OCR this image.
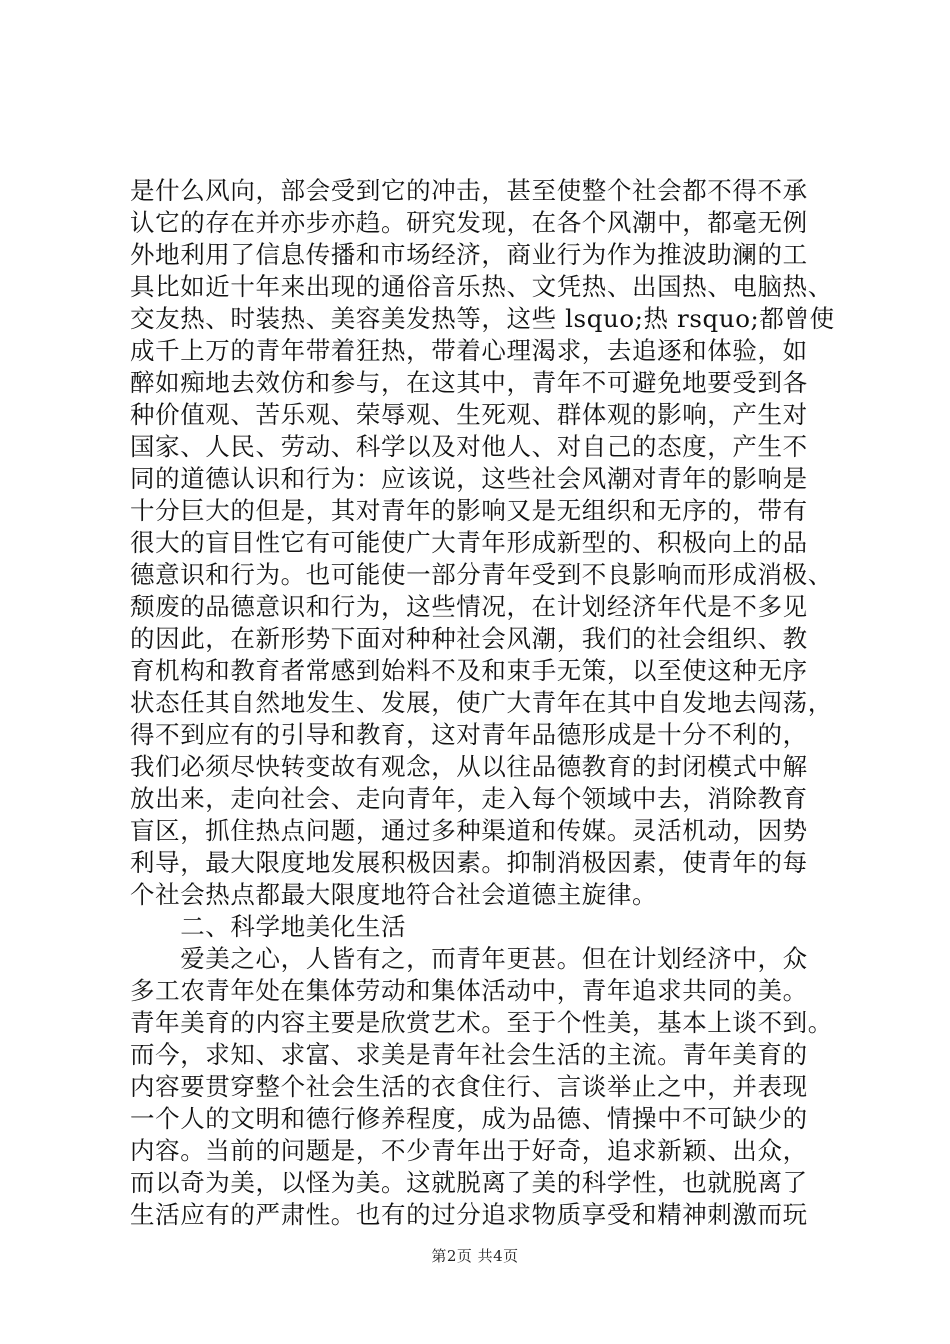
是什么风向，部会受到它的冲击，甚至使整个社会都不得不承
认它的存在并亦步亦趋。研究发现，在各个风潮中，都毫无例
外地利用了信息传播和市场经济，商业行为作为推波助澜的工
具比如近十年来出现的通俗音乐热、文凭热、出国热、电脑热、
交友热、时装热、美容美发热等，这些 lsquo;热 rsquo;都曾使
成千上万的青年带着狂热，带着心理渴求，去追逐和体验，如
醉如痴地去效仿和参与，在这其中，青年不可避免地要受到各
种价值观、苦乐观、荣辱观、生死观、群体观的影响，产生对
国家、人民、劳动、科学以及对他人、对自己的态度，产生不
同的道德认识和行为：应该说，这些社会风潮对青年的影响是
十分巨大的但是，其对青年的影响又是无组织和无序的，带有
很大的盲目性它有可能使广大青年形成新型的、积极向上的品
德意识和行为。也可能使一部分青年受到不良影响而形成消极、
颓废的品德意识和行为，这些情况，在计划经济年代是不多见
的因此，在新形势下面对种种社会风潮，我们的社会组织、教
育机构和教育者常感到始料不及和束手无策，以至使这种无序
状态任其自然地发生、发展，使广大青年在其中自发地去闯荡，
得不到应有的引导和教育，这对青年品德形成是十分不利的，
我们必须尽快转变故有观念，从以往品德教育的封闭模式中解
放出来，走向社会、走向青年，走入每个领域中去，消除教育
盲区，抓住热点问题，通过多种渠道和传媒。灵活机动，因势
利导，最大限度地发展积极因素。抑制消极因素，使青年的每
个社会热点都最大限度地符合社会道德主旋律。
　　二、科学地美化生活
　　爱美之心，人皆有之，而青年更甚。但在计划经济中，众
多工农青年处在集体劳动和集体活动中，青年追求共同的美。
青年美育的内容主要是欣赏艺术。至于个性美，基本上谈不到。
而今，求知、求富、求美是青年社会生活的主流。青年美育的
内容要贯穿整个社会生活的衣食住行、言谈举止之中，并表现
一个人的文明和德行修养程度，成为品德、情操中不可缺少的
内容。当前的问题是，不少青年出于好奇，追求新颖、出众，
而以奇为美，以怪为美。这就脱离了美的科学性，也就脱离了
生活应有的严肃性。也有的过分追求物质享受和精神刺激而玩
第2页 共4页
